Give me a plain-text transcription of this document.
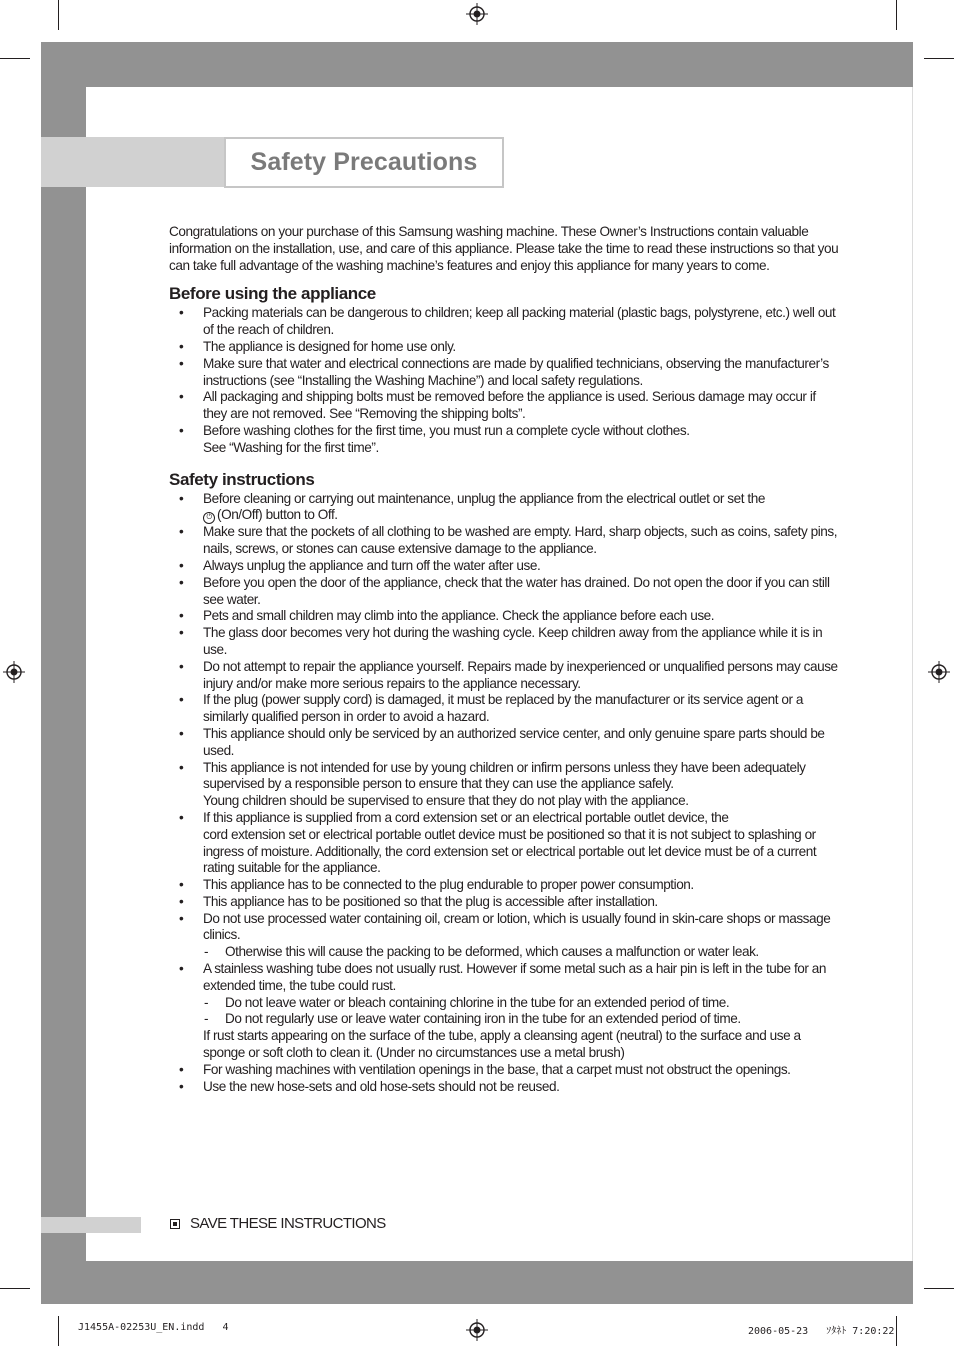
Safety Precautions

Congratulations on your purchase of this Samsung washing machine. These Owner’s Instructions contain valuable information on the installation, use, and care of this appliance. Please take the time to read these instructions so that you can take full advantage of the washing machine’s features and enjoy this appliance for many years to come.

Before using the appliance
• Packing materials can be dangerous to children; keep all packing material (plastic bags, polystyrene, etc.) well out of the reach of children.
• The appliance is designed for home use only.
• Make sure that water and electrical connections are made by qualified technicians, observing the manufacturer’s instructions (see “Installing the Washing Machine”) and local safety regulations.
• All packaging and shipping bolts must be removed before the appliance is used. Serious damage may occur if they are not removed. See “Removing the shipping bolts”.
• Before washing clothes for the first time, you must run a complete cycle without clothes.
See “Washing for the first time”.
Safety instructions
• Before cleaning or carrying out maintenance, unplug the appliance from the electrical outlet or set the
⏻ (On/Off) button to Off.
• Make sure that the pockets of all clothing to be washed are empty. Hard, sharp objects, such as coins, safety pins, nails, screws, or stones can cause extensive damage to the appliance.
• Always unplug the appliance and turn off the water after use.
• Before you open the door of the appliance, check that the water has drained. Do not open the door if you can still see water.
• Pets and small children may climb into the appliance. Check the appliance before each use.
• The glass door becomes very hot during the washing cycle. Keep children away from the appliance while it is in use.
• Do not attempt to repair the appliance yourself. Repairs made by inexperienced or unqualified persons may cause injury and/or make more serious repairs to the appliance necessary.
• If the plug (power supply cord) is damaged, it must be replaced by the manufacturer or its service agent or a similarly qualified person in order to avoid a hazard.
• This appliance should only be serviced by an authorized service center, and only genuine spare parts should be used.
• This appliance is not intended for use by young children or infirm persons unless they have been adequately supervised by a responsible person to ensure that they can use the appliance safely.
Young children should be supervised to ensure that they do not play with the appliance.
• If this appliance is supplied from a cord extension set or an electrical portable outlet device, the
cord extension set or electrical portable outlet device must be positioned so that it is not subject to splashing or ingress of moisture. Additionally, the cord extension set or electrical portable out let device must be of a current rating suitable for the appliance.
• This appliance has to be connected to the plug endurable to proper power consumption.
• This appliance has to be positioned so that the plug is accessible after installation.
• Do not use processed water containing oil, cream or lotion, which is usually found in skin-care shops or massage clinics.
- Otherwise this will cause the packing to be deformed, which causes a malfunction or water leak.
• A stainless washing tube does not usually rust. However if some metal such as a hair pin is left in the tube for an extended time, the tube could rust.
- Do not leave water or bleach containing chlorine in the tube for an extended period of time.
- Do not regularly use or leave water containing iron in the tube for an extended period of time.
If rust starts appearing on the surface of the tube, apply a cleansing agent (neutral) to the surface and use a sponge or soft cloth to clean it. (Under no circumstances use a metal brush)
• For washing machines with ventilation openings in the base, that a carpet must not obstruct the openings.
• Use the new hose-sets and old hose-sets should not be reused.
SAVE THESE INSTRUCTIONS
J1455A-02253U_EN.indd   4	2006-05-23   ｿﾀﾈﾄ 7:20:22
